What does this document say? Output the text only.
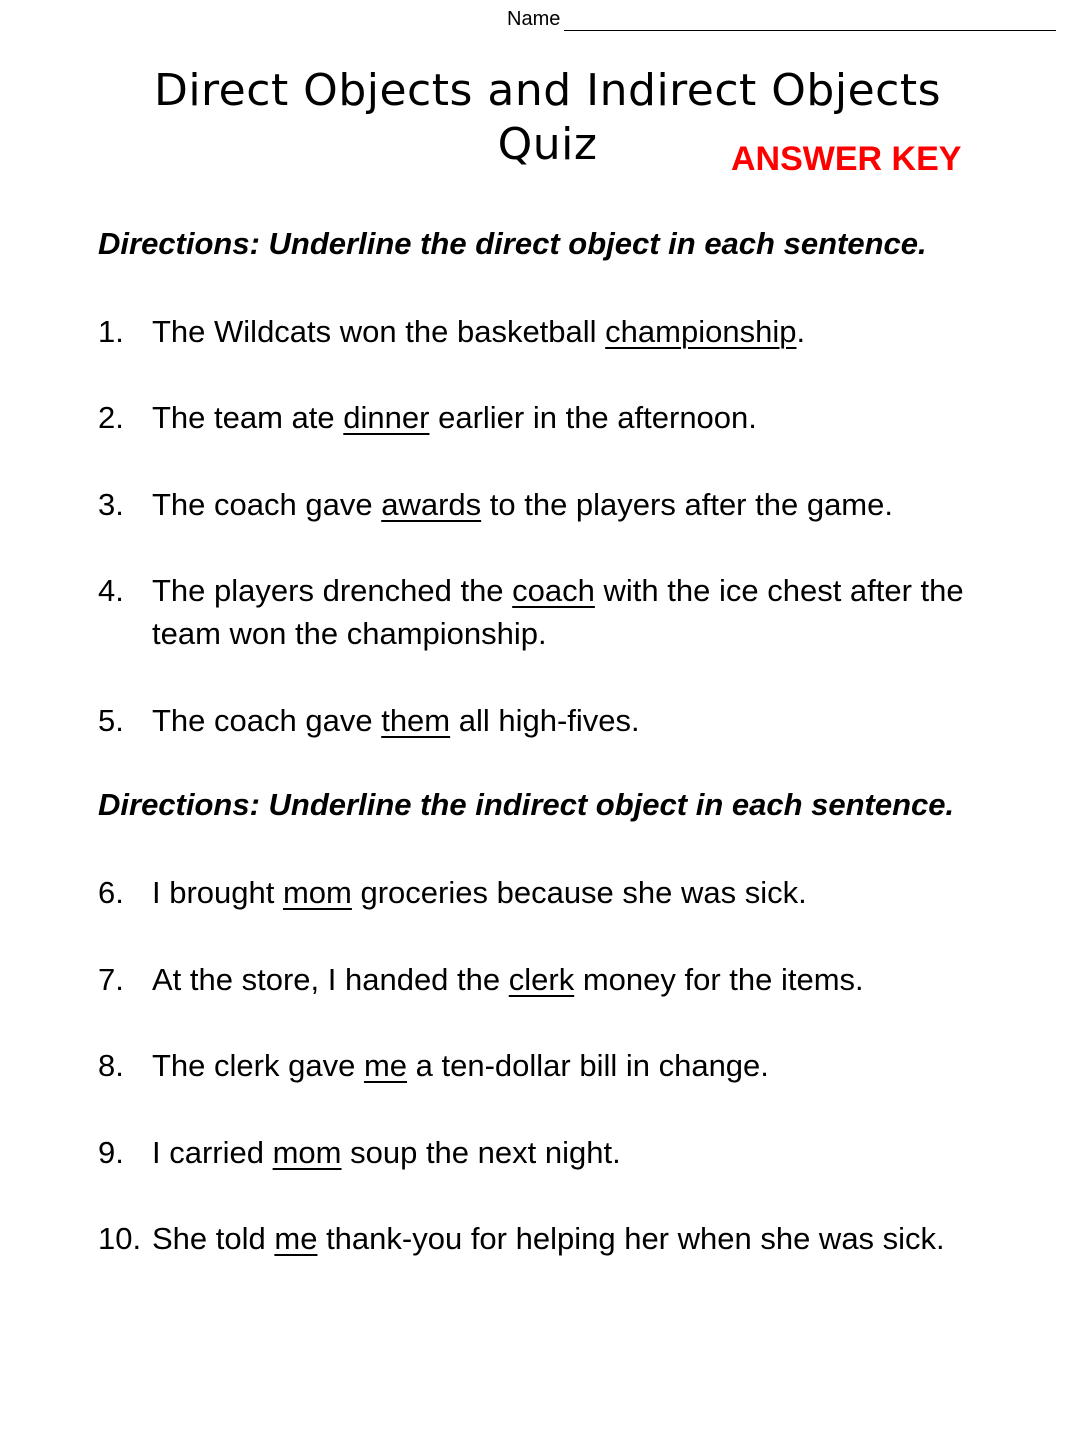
Name
Direct Objects and Indirect Objects

Quiz	ANSWER KEY
Directions: Underline the direct object in each sentence.
1. The Wildcats won the basketball championship.
2. The team ate dinner earlier in the afternoon.
3. The coach gave awards to the players after the game.
4. The players drenched the coach with the ice chest after the team won the championship.
5. The coach gave them all high-fives.
Directions: Underline the indirect object in each sentence.
6. I brought mom groceries because she was sick.
7. At the store, I handed the clerk money for the items.
8. The clerk gave me a ten-dollar bill in change.
9. I carried mom soup the next night.
10. She told me thank-you for helping her when she was sick.
